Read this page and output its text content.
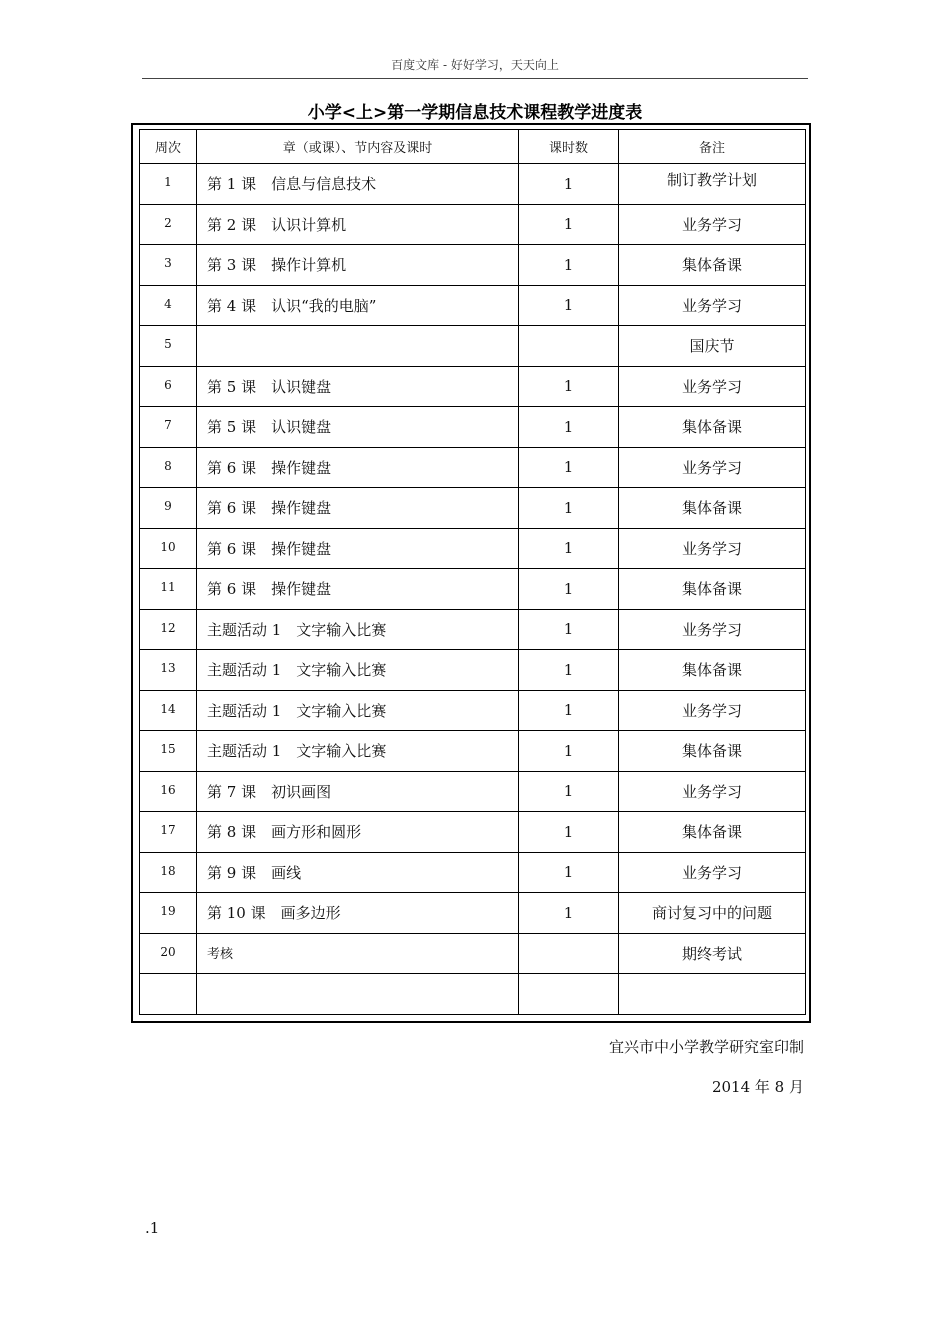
百度文库 - 好好学习，天天向上
小学<上>第一学期信息技术课程教学进度表
周次	章（或课）、节内容及课时	课时数	备注
1	第 1 课　信息与信息技术	1	制订教学计划
2	第 2 课　认识计算机	1	业务学习
3	第 3 课　操作计算机	1	集体备课
4	第 4 课　认识“我的电脑”	1	业务学习
5			国庆节
6	第 5 课　认识键盘	1	业务学习
7	第 5 课　认识键盘	1	集体备课
8	第 6 课　操作键盘	1	业务学习
9	第 6 课　操作键盘	1	集体备课
10	第 6 课　操作键盘	1	业务学习
11	第 6 课　操作键盘	1	集体备课
12	主题活动 1　文字输入比赛	1	业务学习
13	主题活动 1　文字输入比赛	1	集体备课
14	主题活动 1　文字输入比赛	1	业务学习
15	主题活动 1　文字输入比赛	1	集体备课
16	第 7 课　初识画图	1	业务学习
17	第 8 课　画方形和圆形	1	集体备课
18	第 9 课　画线	1	业务学习
19	第 10 课　画多边形	1	商讨复习中的问题
20	考核		期终考试

宜兴市中小学教学研究室印制
2014 年 8 月
.1
